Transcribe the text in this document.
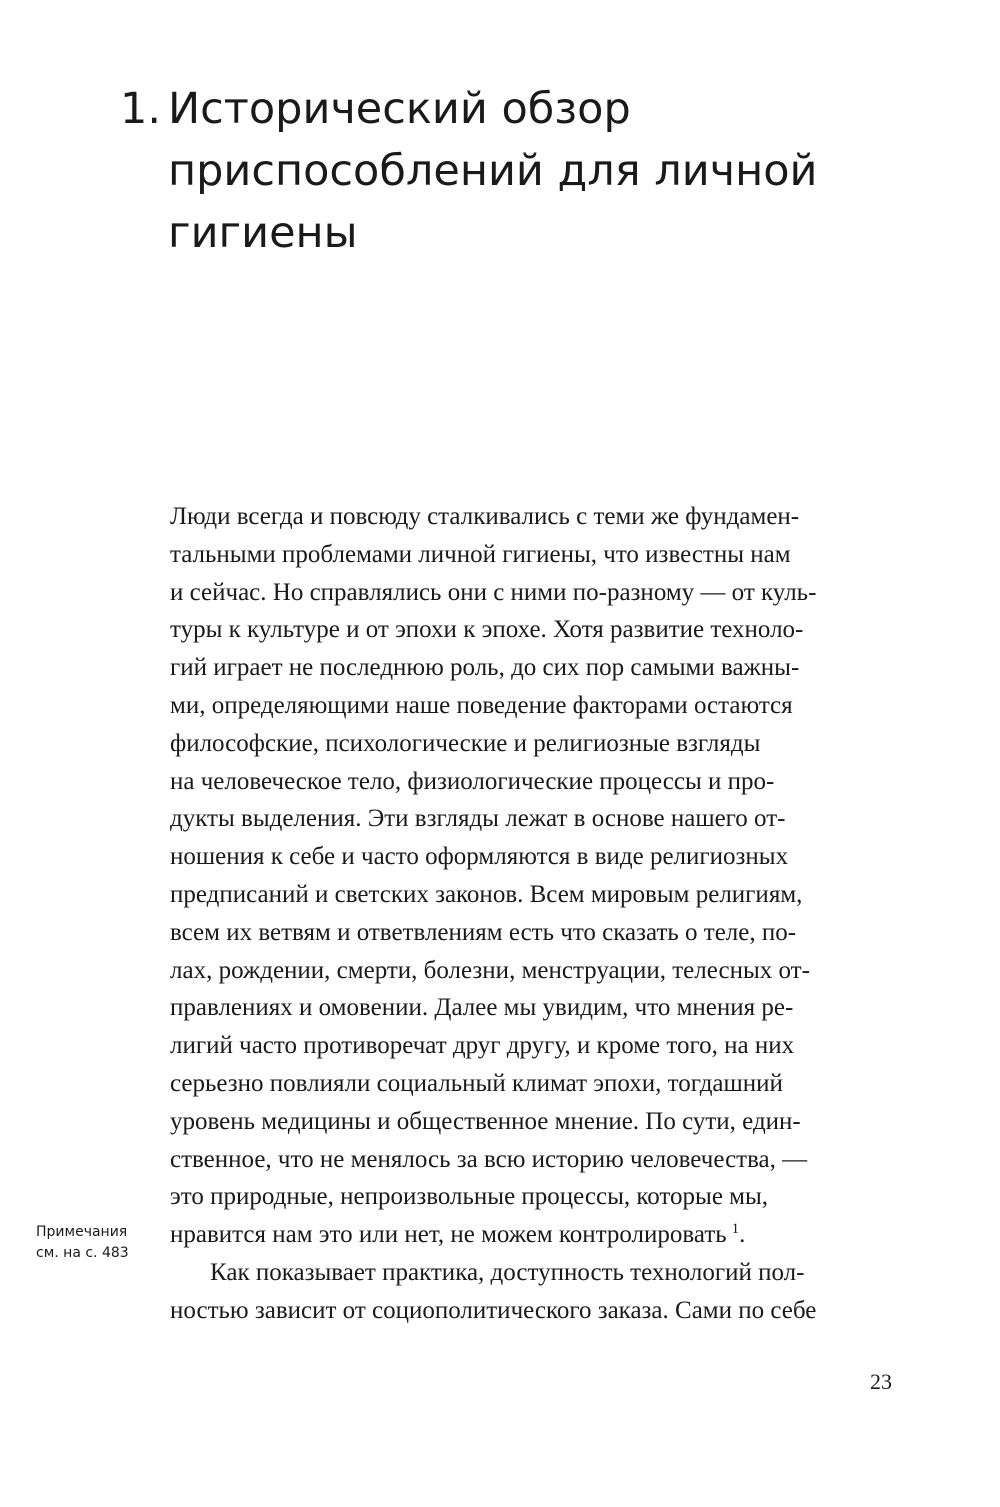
1. Исторический обзор
приспособлений для личной
гигиены
Люди всегда и повсюду сталкивались с теми же фундамен-
тальными проблемами личной гигиены, что известны нам
и сейчас. Но справлялись они с ними по-разному — от куль-
туры к культуре и от эпохи к эпохе. Хотя развитие техноло-
гий играет не последнюю роль, до сих пор самыми важны-
ми, определяющими наше поведение факторами остаются
философские, психологические и религиозные взгляды
на человеческое тело, физиологические процессы и про-
дукты выделения. Эти взгляды лежат в основе нашего от-
ношения к себе и часто оформляются в виде религиозных
предписаний и светских законов. Всем мировым религиям,
всем их ветвям и ответвлениям есть что сказать о теле, по-
лах, рождении, смерти, болезни, менструации, телесных от-
правлениях и омовении. Далее мы увидим, что мнения ре-
лигий часто противоречат друг другу, и кроме того, на них
серьезно повлияли социальный климат эпохи, тогдашний
уровень медицины и общественное мнение. По сути, един-
ственное, что не менялось за всю историю человечества, —
это природные, непроизвольные процессы, которые мы,
нравится нам это или нет, не можем контролировать  $^1$.
Как показывает практика, доступность технологий пол-
ностью зависит от социополитического заказа. Сами по себе
Примечания
см. на с. 483
23
